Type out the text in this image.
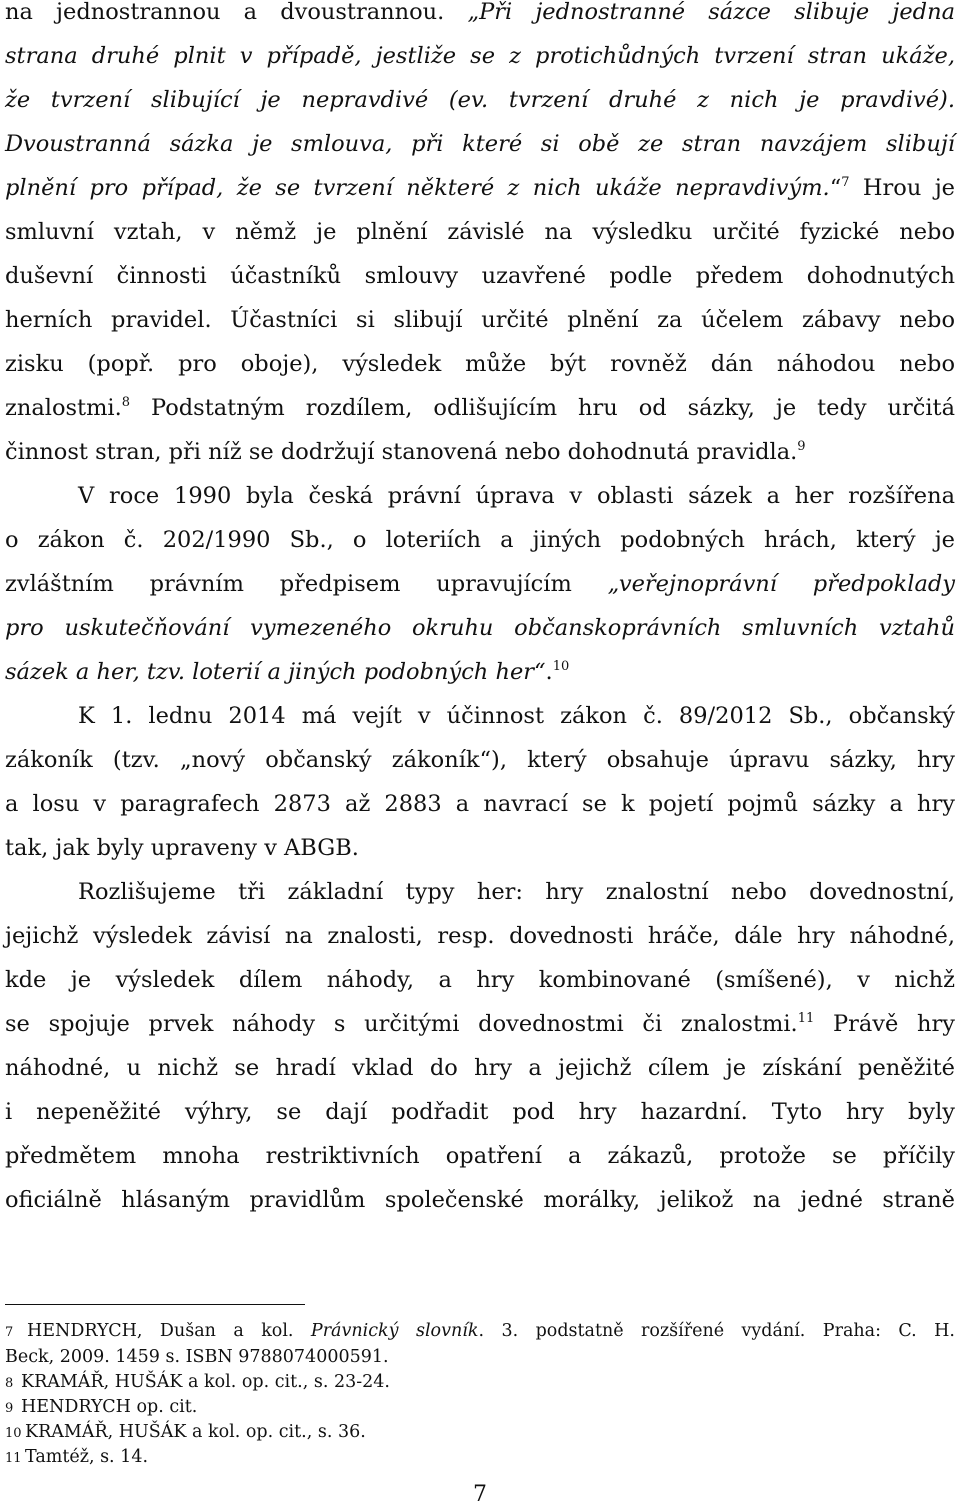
na jednostrannou a dvoustrannou. „Při jednostranné sázce slibuje jedna
strana druhé plnit v případě, jestliže se z protichůdných tvrzení stran ukáže,
že tvrzení slibující je nepravdivé (ev. tvrzení druhé z nich je pravdivé).
Dvoustranná sázka je smlouva, při které si obě ze stran navzájem slibují
plnění pro případ, že se tvrzení některé z nich ukáže nepravdivým.“$^7$ Hrou je
smluvní vztah, v němž je plnění závislé na výsledku určité fyzické nebo
duševní činnosti účastníků smlouvy uzavřené podle předem dohodnutých
herních pravidel. Účastníci si slibují určité plnění za účelem zábavy nebo
zisku (popř. pro oboje), výsledek může být rovněž dán náhodou nebo
znalostmi.$^8$ Podstatným rozdílem, odlišujícím hru od sázky, je tedy určitá
činnost stran, při níž se dodržují stanovená nebo dohodnutá pravidla.$^9$
V roce 1990 byla česká právní úprava v oblasti sázek a her rozšířena
o zákon č. 202/1990 Sb., o loteriích a jiných podobných hrách, který je
zvláštním právním předpisem upravujícím „veřejnoprávní předpoklady
pro uskutečňování vymezeného okruhu občanskoprávních smluvních vztahů
sázek a her, tzv. loterií a jiných podobných her“.$^{10}$
K 1. lednu 2014 má vejít v účinnost zákon č. 89/2012 Sb., občanský
zákoník (tzv. „nový občanský zákoník“), který obsahuje úpravu sázky, hry
a losu v paragrafech 2873 až 2883 a navrací se k pojetí pojmů sázky a hry
tak, jak byly upraveny v ABGB.
Rozlišujeme tři základní typy her: hry znalostní nebo dovednostní,
jejichž výsledek závisí na znalosti, resp. dovednosti hráče, dále hry náhodné,
kde je výsledek dílem náhody, a hry kombinované (smíšené), v nichž
se spojuje prvek náhody s určitými dovednostmi či znalostmi.$^{11}$ Právě hry
náhodné, u nichž se hradí vklad do hry a jejichž cílem je získání peněžité
i nepeněžité výhry, se dají podřadit pod hry hazardní. Tyto hry byly
předmětem mnoha restriktivních opatření a zákazů, protože se příčily
oficiálně hlásaným pravidlům společenské morálky, jelikož na jedné straně
7 HENDRYCH, Dušan a kol. Právnický slovník. 3. podstatně rozšířené vydání. Praha: C. H.
Beck, 2009. 1459 s. ISBN 9788074000591.
8 KRAMÁŘ, HUŠÁK a kol. op. cit., s. 23-24.
9 HENDRYCH op. cit.
10 KRAMÁŘ, HUŠÁK a kol. op. cit., s. 36.
11 Tamtéž, s. 14.
7
